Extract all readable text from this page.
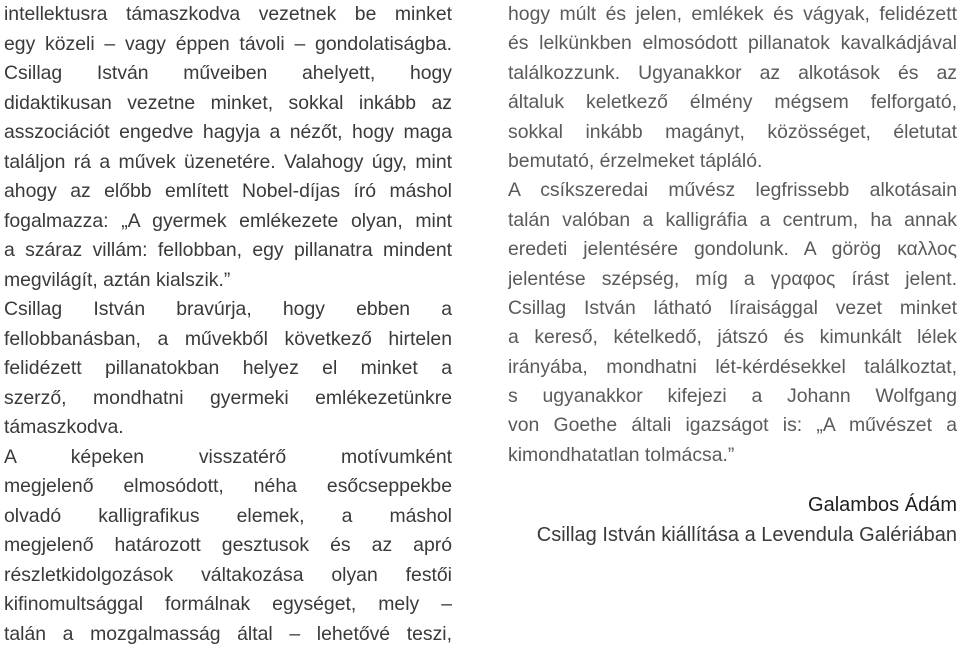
intellektusra támaszkodva vezetnek be minket
egy közeli – vagy éppen távoli – gondolatiságba.
Csillag István műveiben ahelyett, hogy
didaktikusan vezetne minket, sokkal inkább az
asszociációt engedve hagyja a nézőt, hogy maga
találjon rá a művek üzenetére. Valahogy úgy, mint
ahogy az előbb említett Nobel-díjas író máshol
fogalmazza: „A gyermek emlékezete olyan, mint
a száraz villám: fellobban, egy pillanatra mindent
megvilágít, aztán kialszik.”
Csillag István bravúrja, hogy ebben a
fellobbanásban, a művekből következő hirtelen
felidézett pillanatokban helyez el minket a
szerző, mondhatni gyermeki emlékezetünkre
támaszkodva.
A képeken visszatérő motívumként
megjelenő elmosódott, néha esőcseppekbe
olvadó kalligrafikus elemek, a máshol
megjelenő határozott gesztusok és az apró
részletkidolgozások váltakozása olyan festői
kifinomultsággal formálnak egységet, mely –
talán a mozgalmasság által – lehetővé teszi,
hogy múlt és jelen, emlékek és vágyak, felidézett
és lelkünkben elmosódott pillanatok kavalkádjával
találkozzunk. Ugyanakkor az alkotások és az
általuk keletkező élmény mégsem felforgató,
sokkal inkább magányt, közösséget, életutat
bemutató, érzelmeket tápláló.
A csíkszeredai művész legfrissebb alkotásain
talán valóban a kalligráfia a centrum, ha annak
eredeti jelentésére gondolunk. A görög καλλος
jelentése szépség, míg a γραφος írást jelent.
Csillag István látható líraisággal vezet minket
a kereső, kételkedő, játszó és kimunkált lélek
irányába, mondhatni lét-kérdésekkel találkoztat,
s ugyanakkor kifejezi a Johann Wolfgang
von Goethe általi igazságot is: „A művészet a
kimondhatatlan tolmácsa.”
Galambos Ádám
Csillag István kiállítása a Levendula Galériában
